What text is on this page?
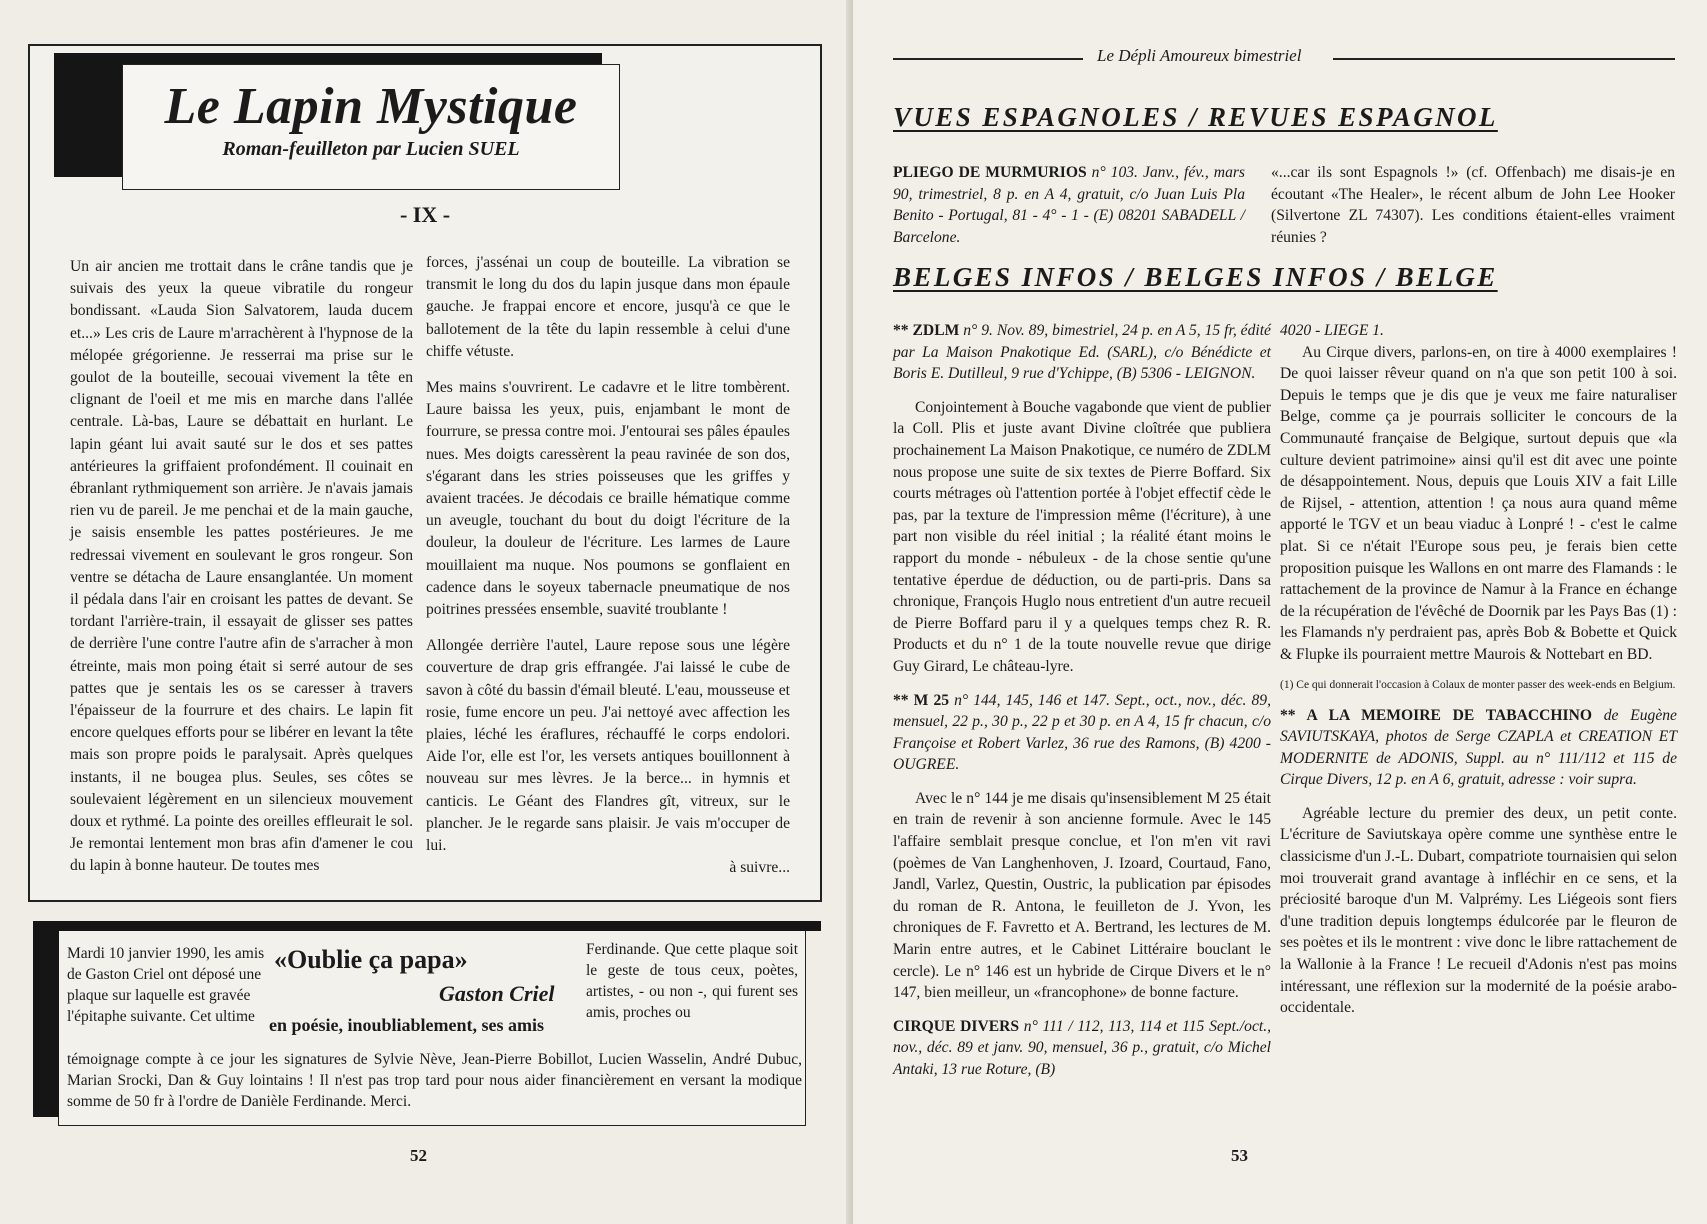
Le Lapin Mystique
Roman-feuilleton par Lucien SUEL
- IX -

Un air ancien me trottait dans le crâne tandis que je suivais des yeux la queue vibratile du rongeur bondissant. «Lauda Sion Salvatorem, lauda ducem et...» Les cris de Laure m'arrachèrent à l'hypnose de la mélopée grégorienne. Je resserrai ma prise sur le goulot de la bouteille, secouai vivement la tête en clignant de l'oeil et me mis en marche dans l'allée centrale. Là-bas, Laure se débattait en hurlant. Le lapin géant lui avait sauté sur le dos et ses pattes antérieures la griffaient profondément. Il couinait en ébranlant rythmiquement son arrière. Je n'avais jamais rien vu de pareil. Je me penchai et de la main gauche, je saisis ensemble les pattes postérieures. Je me redressai vivement en soulevant le gros rongeur. Son ventre se détacha de Laure ensanglantée. Un moment il pédala dans l'air en croisant les pattes de devant. Se tordant l'arrière-train, il essayait de glisser ses pattes de derrière l'une contre l'autre afin de s'arracher à mon étreinte, mais mon poing était si serré autour de ses pattes que je sentais les os se caresser à travers l'épaisseur de la fourrure et des chairs. Le lapin fit encore quelques efforts pour se libérer en levant la tête mais son propre poids le paralysait. Après quelques instants, il ne bougea plus. Seules, ses côtes se soulevaient légèrement en un silencieux mouvement doux et rythmé. La pointe des oreilles effleurait le sol. Je remontai lentement mon bras afin d'amener le cou du lapin à bonne hauteur. De toutes mes

forces, j'assénai un coup de bouteille. La vibration se transmit le long du dos du lapin jusque dans mon épaule gauche. Je frappai encore et encore, jusqu'à ce que le ballotement de la tête du lapin ressemble à celui d'une chiffe vétuste.

Mes mains s'ouvrirent. Le cadavre et le litre tombèrent. Laure baissa les yeux, puis, enjambant le mont de fourrure, se pressa contre moi. J'entourai ses pâles épaules nues. Mes doigts caressèrent la peau ravinée de son dos, s'égarant dans les stries poisseuses que les griffes y avaient tracées. Je décodais ce braille hématique comme un aveugle, touchant du bout du doigt l'écriture de la douleur, la douleur de l'écriture. Les larmes de Laure mouillaient ma nuque. Nos poumons se gonflaient en cadence dans le soyeux tabernacle pneumatique de nos poitrines pressées ensemble, suavité troublante !

Allongée derrière l'autel, Laure repose sous une légère couverture de drap gris effrangée. J'ai laissé le cube de savon à côté du bassin d'émail bleuté. L'eau, mousseuse et rosie, fume encore un peu. J'ai nettoyé avec affection les plaies, léché les éraflures, réchauffé le corps endolori. Aide l'or, elle est l'or, les versets antiques bouillonnent à nouveau sur mes lèvres. Je la berce... in hymnis et canticis. Le Géant des Flandres gît, vitreux, sur le plancher. Je le regarde sans plaisir. Je vais m'occuper de lui.

à suivre...
Mardi 10 janvier 1990, les amis de Gaston Criel ont déposé une plaque sur laquelle est gravée l'épitaphe suivante. Cet ultime
«Oublie ça papa»
Gaston Criel
en poésie, inoubliablement, ses amis
Ferdinande. Que cette plaque soit le geste de tous ceux, poètes, artistes, - ou non -, qui furent ses amis, proches ou
témoignage compte à ce jour les signatures de Sylvie Nève, Jean-Pierre Bobillot, Lucien Wasselin, André Dubuc, Marian Srocki, Dan & Guy lointains ! Il n'est pas trop tard pour nous aider financièrement en versant la modique somme de 50 fr à l'ordre de Danièle Ferdinande. Merci.
52
Le Dépli Amoureux bimestriel
VUES ESPAGNOLES / REVUES ESPAGNOL
PLIEGO DE MURMURIOS n° 103. Janv., fév., mars 90, trimestriel, 8 p. en A 4, gratuit, c/o Juan Luis Pla Benito - Portugal, 81 - 4° - 1 - (E) 08201 SABADELL / Barcelone.
«...car ils sont Espagnols !» (cf. Offenbach) me disais-je en écoutant «The Healer», le récent album de John Lee Hooker (Silvertone ZL 74307). Les conditions étaient-elles vraiment réunies ?
BELGES INFOS / BELGES INFOS / BELGE

** ZDLM n° 9. Nov. 89, bimestriel, 24 p. en A 5, 15 fr, édité par La Maison Pnakotique Ed. (SARL), c/o Bénédicte et Boris E. Dutilleul, 9 rue d'Ychippe, (B) 5306 - LEIGNON.

Conjointement à Bouche vagabonde que vient de publier la Coll. Plis et juste avant Divine cloîtrée que publiera prochainement La Maison Pnakotique, ce numéro de ZDLM nous propose une suite de six textes de Pierre Boffard. Six courts métrages où l'attention portée à l'objet effectif cède le pas, par la texture de l'impression même (l'écriture), à une part non visible du réel initial ; la réalité étant moins le rapport du monde - nébuleux - de la chose sentie qu'une tentative éperdue de déduction, ou de parti-pris. Dans sa chronique, François Huglo nous entretient d'un autre recueil de Pierre Boffard paru il y a quelques temps chez R. R. Products et du n° 1 de la toute nouvelle revue que dirige Guy Girard, Le château-lyre.

** M 25 n° 144, 145, 146 et 147. Sept., oct., nov., déc. 89, mensuel, 22 p., 30 p., 22 p et 30 p. en A 4, 15 fr chacun, c/o Françoise et Robert Varlez, 36 rue des Ramons, (B) 4200 - OUGREE.

Avec le n° 144 je me disais qu'insensiblement M 25 était en train de revenir à son ancienne formule. Avec le 145 l'affaire semblait presque conclue, et l'on m'en vit ravi (poèmes de Van Langhenhoven, J. Izoard, Courtaud, Fano, Jandl, Varlez, Questin, Oustric, la publication par épisodes du roman de R. Antona, le feuilleton de J. Yvon, les chroniques de F. Favretto et A. Bertrand, les lectures de M. Marin entre autres, et le Cabinet Littéraire bouclant le cercle). Le n° 146 est un hybride de Cirque Divers et le n° 147, bien meilleur, un «francophone» de bonne facture.

CIRQUE DIVERS n° 111 / 112, 113, 114 et 115 Sept./oct., nov., déc. 89 et janv. 90, mensuel, 36 p., gratuit, c/o Michel Antaki, 13 rue Roture, (B)

4020 - LIEGE 1.

Au Cirque divers, parlons-en, on tire à 4000 exemplaires ! De quoi laisser rêveur quand on n'a que son petit 100 à soi. Depuis le temps que je dis que je veux me faire naturaliser Belge, comme ça je pourrais solliciter le concours de la Communauté française de Belgique, surtout depuis que «la culture devient patrimoine» ainsi qu'il est dit avec une pointe de désappointement. Nous, depuis que Louis XIV a fait Lille de Rijsel, - attention, attention ! ça nous aura quand même apporté le TGV et un beau viaduc à Lonpré ! - c'est le calme plat. Si ce n'était l'Europe sous peu, je ferais bien cette proposition puisque les Wallons en ont marre des Flamands : le rattachement de la province de Namur à la France en échange de la récupération de l'évêché de Doornik par les Pays Bas (1) : les Flamands n'y perdraient pas, après Bob & Bobette et Quick & Flupke ils pourraient mettre Maurois & Nottebart en BD.

(1) Ce qui donnerait l'occasion à Colaux de monter passer des week-ends en Belgium.

** A LA MEMOIRE DE TABACCHINO de Eugène SAVIUTSKAYA, photos de Serge CZAPLA et CREATION ET MODERNITE de ADONIS, Suppl. au n° 111/112 et 115 de Cirque Divers, 12 p. en A 6, gratuit, adresse : voir supra.

Agréable lecture du premier des deux, un petit conte. L'écriture de Saviutskaya opère comme une synthèse entre le classicisme d'un J.-L. Dubart, compatriote tournaisien qui selon moi trouverait grand avantage à infléchir en ce sens, et la préciosité baroque d'un M. Valprémy. Les Liégeois sont fiers d'une tradition depuis longtemps édulcorée par le fleuron de ses poètes et ils le montrent : vive donc le libre rattachement de la Wallonie à la France ! Le recueil d'Adonis n'est pas moins intéressant, une réflexion sur la modernité de la poésie arabo-occidentale.

53
